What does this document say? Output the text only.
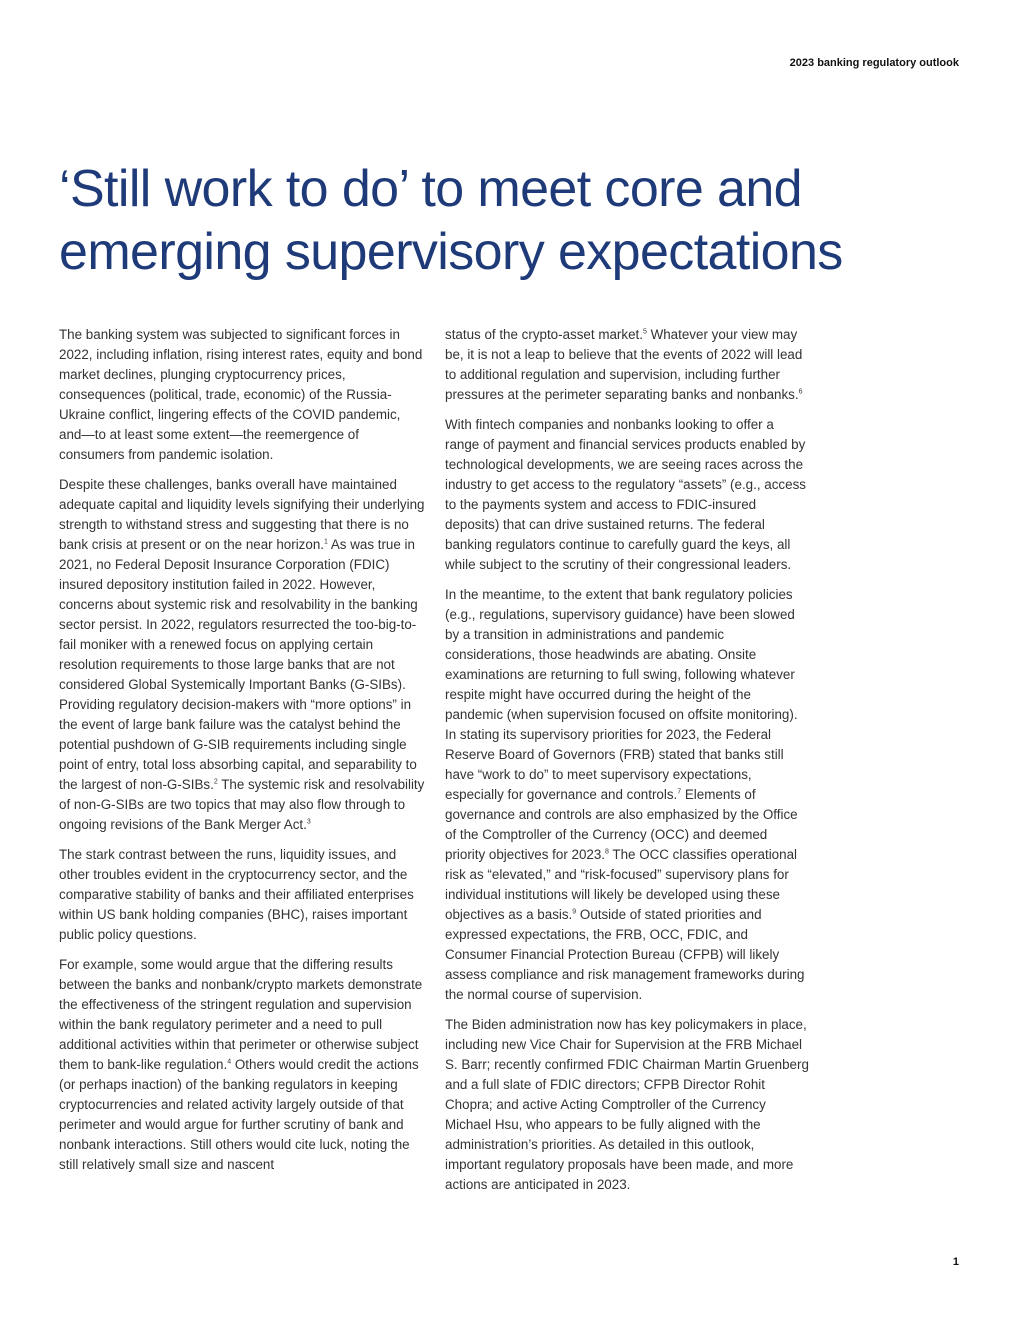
2023 banking regulatory outlook
‘Still work to do’ to meet core and
emerging supervisory expectations

The banking system was subjected to significant forces in 2022, including inflation, rising interest rates, equity and bond market declines, plunging cryptocurrency prices, consequences (political, trade, economic) of the Russia-Ukraine conflict, lingering effects of the COVID pandemic, and—to at least some extent—the reemergence of consumers from pandemic isolation.

Despite these challenges, banks overall have maintained adequate capital and liquidity levels signifying their underlying strength to withstand stress and suggesting that there is no bank crisis at present or on the near horizon.$^1$ As was true in 2021, no Federal Deposit Insurance Corporation (FDIC) insured depository institution failed in 2022. However, concerns about systemic risk and resolvability in the banking sector persist. In 2022, regulators resurrected the too-big-to-fail moniker with a renewed focus on applying certain resolution requirements to those large banks that are not considered Global Systemically Important Banks (G-SIBs). Providing regulatory decision-makers with “more options” in the event of large bank failure was the catalyst behind the potential pushdown of G-SIB requirements including single point of entry, total loss absorbing capital, and separability to the largest of non-G-SIBs.$^2$ The systemic risk and resolvability of non-G-SIBs are two topics that may also flow through to ongoing revisions of the Bank Merger Act.$^3$

The stark contrast between the runs, liquidity issues, and other troubles evident in the cryptocurrency sector, and the comparative stability of banks and their affiliated enterprises within US bank holding companies (BHC), raises important public policy questions.

For example, some would argue that the differing results between the banks and nonbank/crypto markets demonstrate the effectiveness of the stringent regulation and supervision within the bank regulatory perimeter and a need to pull additional activities within that perimeter or otherwise subject them to bank-like regulation.$^4$ Others would credit the actions (or perhaps inaction) of the banking regulators in keeping cryptocurrencies and related activity largely outside of that perimeter and would argue for further scrutiny of bank and nonbank interactions. Still others would cite luck, noting the still relatively small size and nascent

status of the crypto-asset market.$^5$ Whatever your view may be, it is not a leap to believe that the events of 2022 will lead to additional regulation and supervision, including further pressures at the perimeter separating banks and nonbanks.$^6$

With fintech companies and nonbanks looking to offer a range of payment and financial services products enabled by technological developments, we are seeing races across the industry to get access to the regulatory “assets” (e.g., access to the payments system and access to FDIC-insured deposits) that can drive sustained returns. The federal banking regulators continue to carefully guard the keys, all while subject to the scrutiny of their congressional leaders.

In the meantime, to the extent that bank regulatory policies (e.g., regulations, supervisory guidance) have been slowed by a transition in administrations and pandemic considerations, those headwinds are abating. Onsite examinations are returning to full swing, following whatever respite might have occurred during the height of the pandemic (when supervision focused on offsite monitoring). In stating its supervisory priorities for 2023, the Federal Reserve Board of Governors (FRB) stated that banks still have “work to do” to meet supervisory expectations, especially for governance and controls.$^7$ Elements of governance and controls are also emphasized by the Office of the Comptroller of the Currency (OCC) and deemed priority objectives for 2023.$^8$ The OCC classifies operational risk as “elevated,” and “risk-focused” supervisory plans for individual institutions will likely be developed using these objectives as a basis.$^9$ Outside of stated priorities and expressed expectations, the FRB, OCC, FDIC, and Consumer Financial Protection Bureau (CFPB) will likely assess compliance and risk management frameworks during the normal course of supervision.

The Biden administration now has key policymakers in place, including new Vice Chair for Supervision at the FRB Michael S. Barr; recently confirmed FDIC Chairman Martin Gruenberg and a full slate of FDIC directors; CFPB Director Rohit Chopra; and active Acting Comptroller of the Currency Michael Hsu, who appears to be fully aligned with the administration’s priorities. As detailed in this outlook, important regulatory proposals have been made, and more actions are anticipated in 2023.

1
